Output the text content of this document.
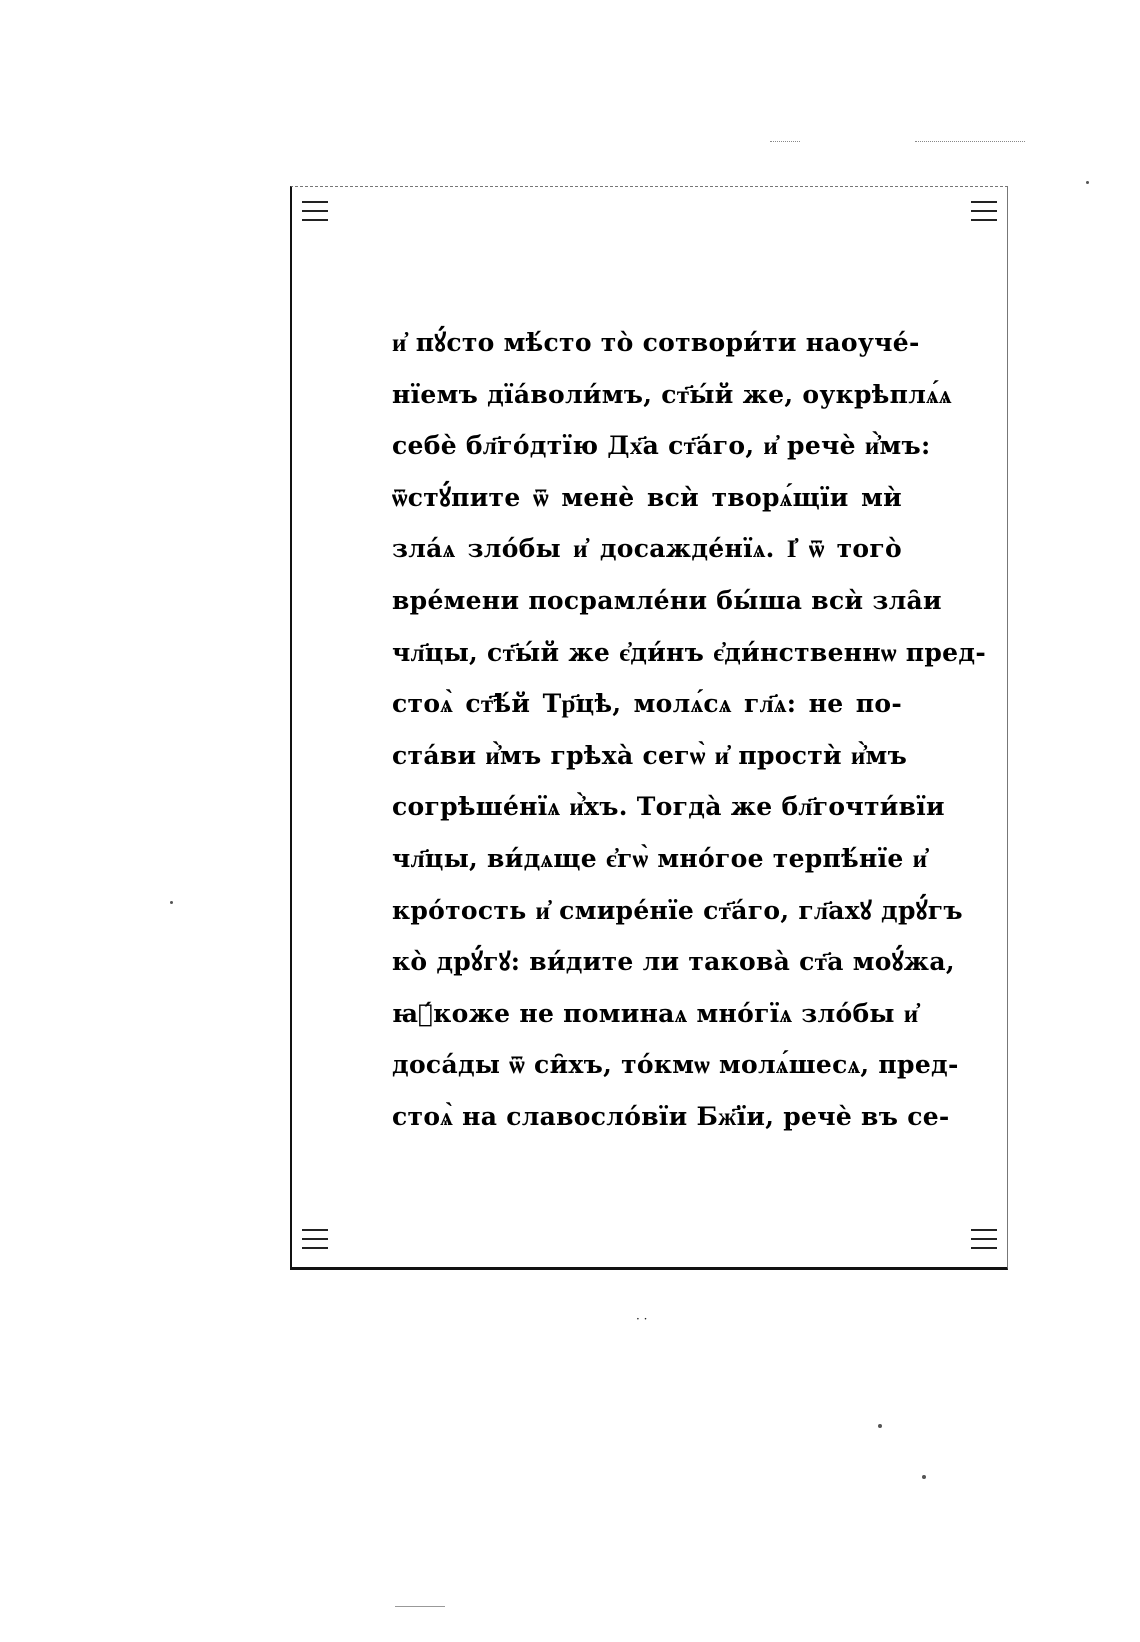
и҆ пꙋ́сто мѣ́сто то̀ сотвори́ти наоуче́-
нїемъ дїа́воли́мъ, ст҃ы́й же, оукрѣплѧ́ѧ
себѐ бл҃го́дтїю Дх҃а ст҃а́го, и҆ речѐ и҆̀мъ:
ѿстꙋ́пите ѿ менѐ всѝ творѧ́щїи мѝ
зла́ѧ зло́бы и҆ досажде́нїѧ. І҆ ѿ того̀
вре́мени посрамле́ни бы́ша всѝ зла̑и
чл҃цы, ст҃ы́й же є҆ди́нъ є҆ди́нственнѡ пред-
стоѧ̀ ст҃ѣ́й Тр҃цѣ, молѧ́сѧ гл҃ѧ: не по-
ста́ви и҆̀мъ грѣха̀ сегѡ̀ и҆ простѝ и҆̀мъ
согрѣше́нїѧ и҆̀хъ. Тогда̀ же бл҃гочти́вїи
чл҃цы, ви́дѧще є҆гѡ̀ мно́гое терпѣ́нїе и҆
кро́тость и҆ смире́нїе ст҃а́го, гл҃ахꙋ дрꙋ́гъ
ко̀ дрꙋ́гꙋ: ви́дите ли такова̀ ст҃а моꙋ́жа,
ꙗ҆́коже не поминаѧ мно́гїѧ зло́бы и҆
доса́ды ѿ си̑хъ, то́кмѡ молѧ́шесѧ, пред-
стоѧ̀ на славосло́вїи Бж҃їи, речѐ въ се-
· ·
